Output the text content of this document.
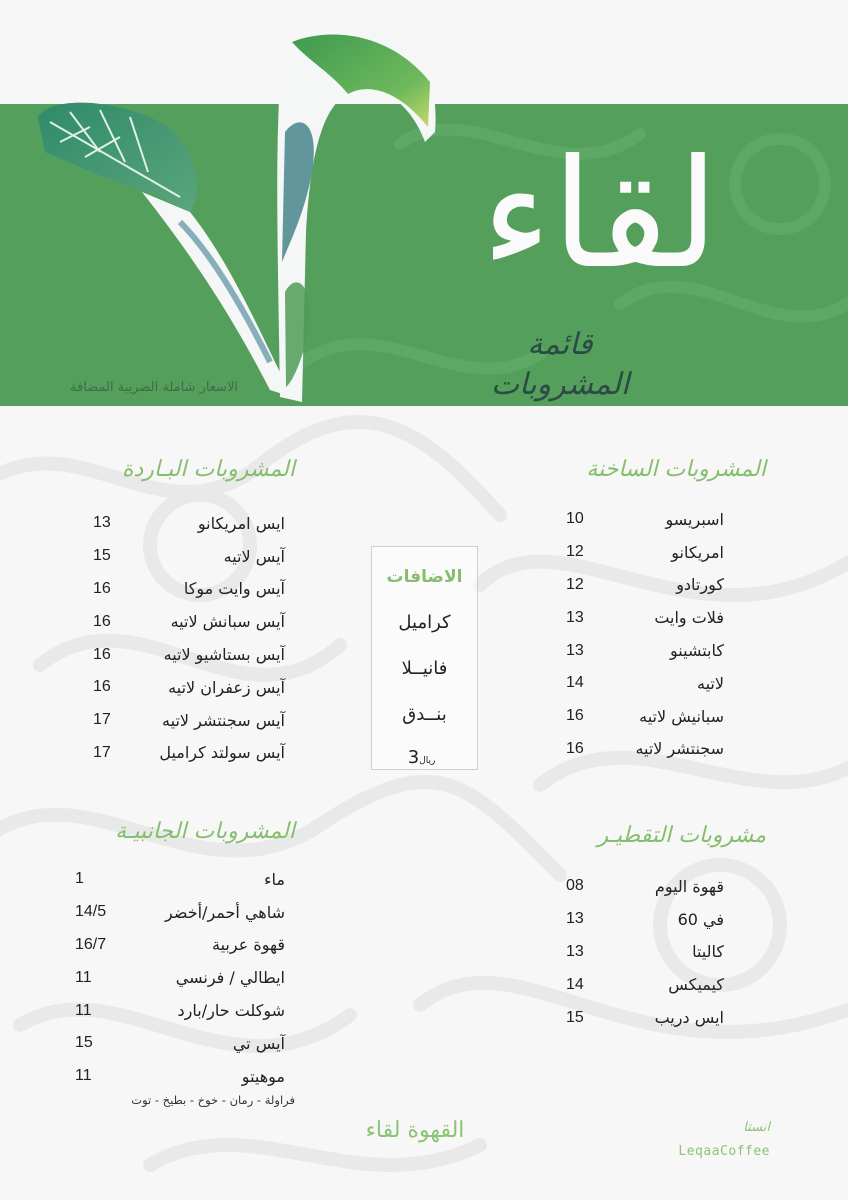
لقاء
قائمة المشروبات
الاسعار شاملة الضريبة المضافة
المشروبات الساخنة
اسبريسو
10
امريكانو
12
كورتادو
12
فلات وايت
13
كابتشينو
13
لاتيه
14
سبانيش لاتيه
16
سجنتشر لاتيه
16
المشروبات البـاردة
ايس امريكانو
13
آيس لاتيه
15
آيس وايت موكا
16
آيس سبانش لاتيه
16
آيس بستاشيو لاتيه
16
آيس زعفران لاتيه
16
آيس سجنتشر لاتيه
17
آيس سولتد كراميل
17
الاضافات
كراميل
فانيــلا
بنــدق
ريال3
مشروبات التقطيـر
قهوة اليوم
08
في 60
13
كاليتا
13
كيميكس
14
ايس دريب
15
المشروبات الجانبيـة
ماء
1
شاهي أحمر/أخضر
14/5
قهوة عربية
16/7
ايطالي / فرنسي
11
شوكلت حار/بارد
11
آيس تي
15
موهيتو
11
فراولة - رمان - خوخ - بطيخ - توت
القهوة لقاء	انستا
LeqaaCoffee
